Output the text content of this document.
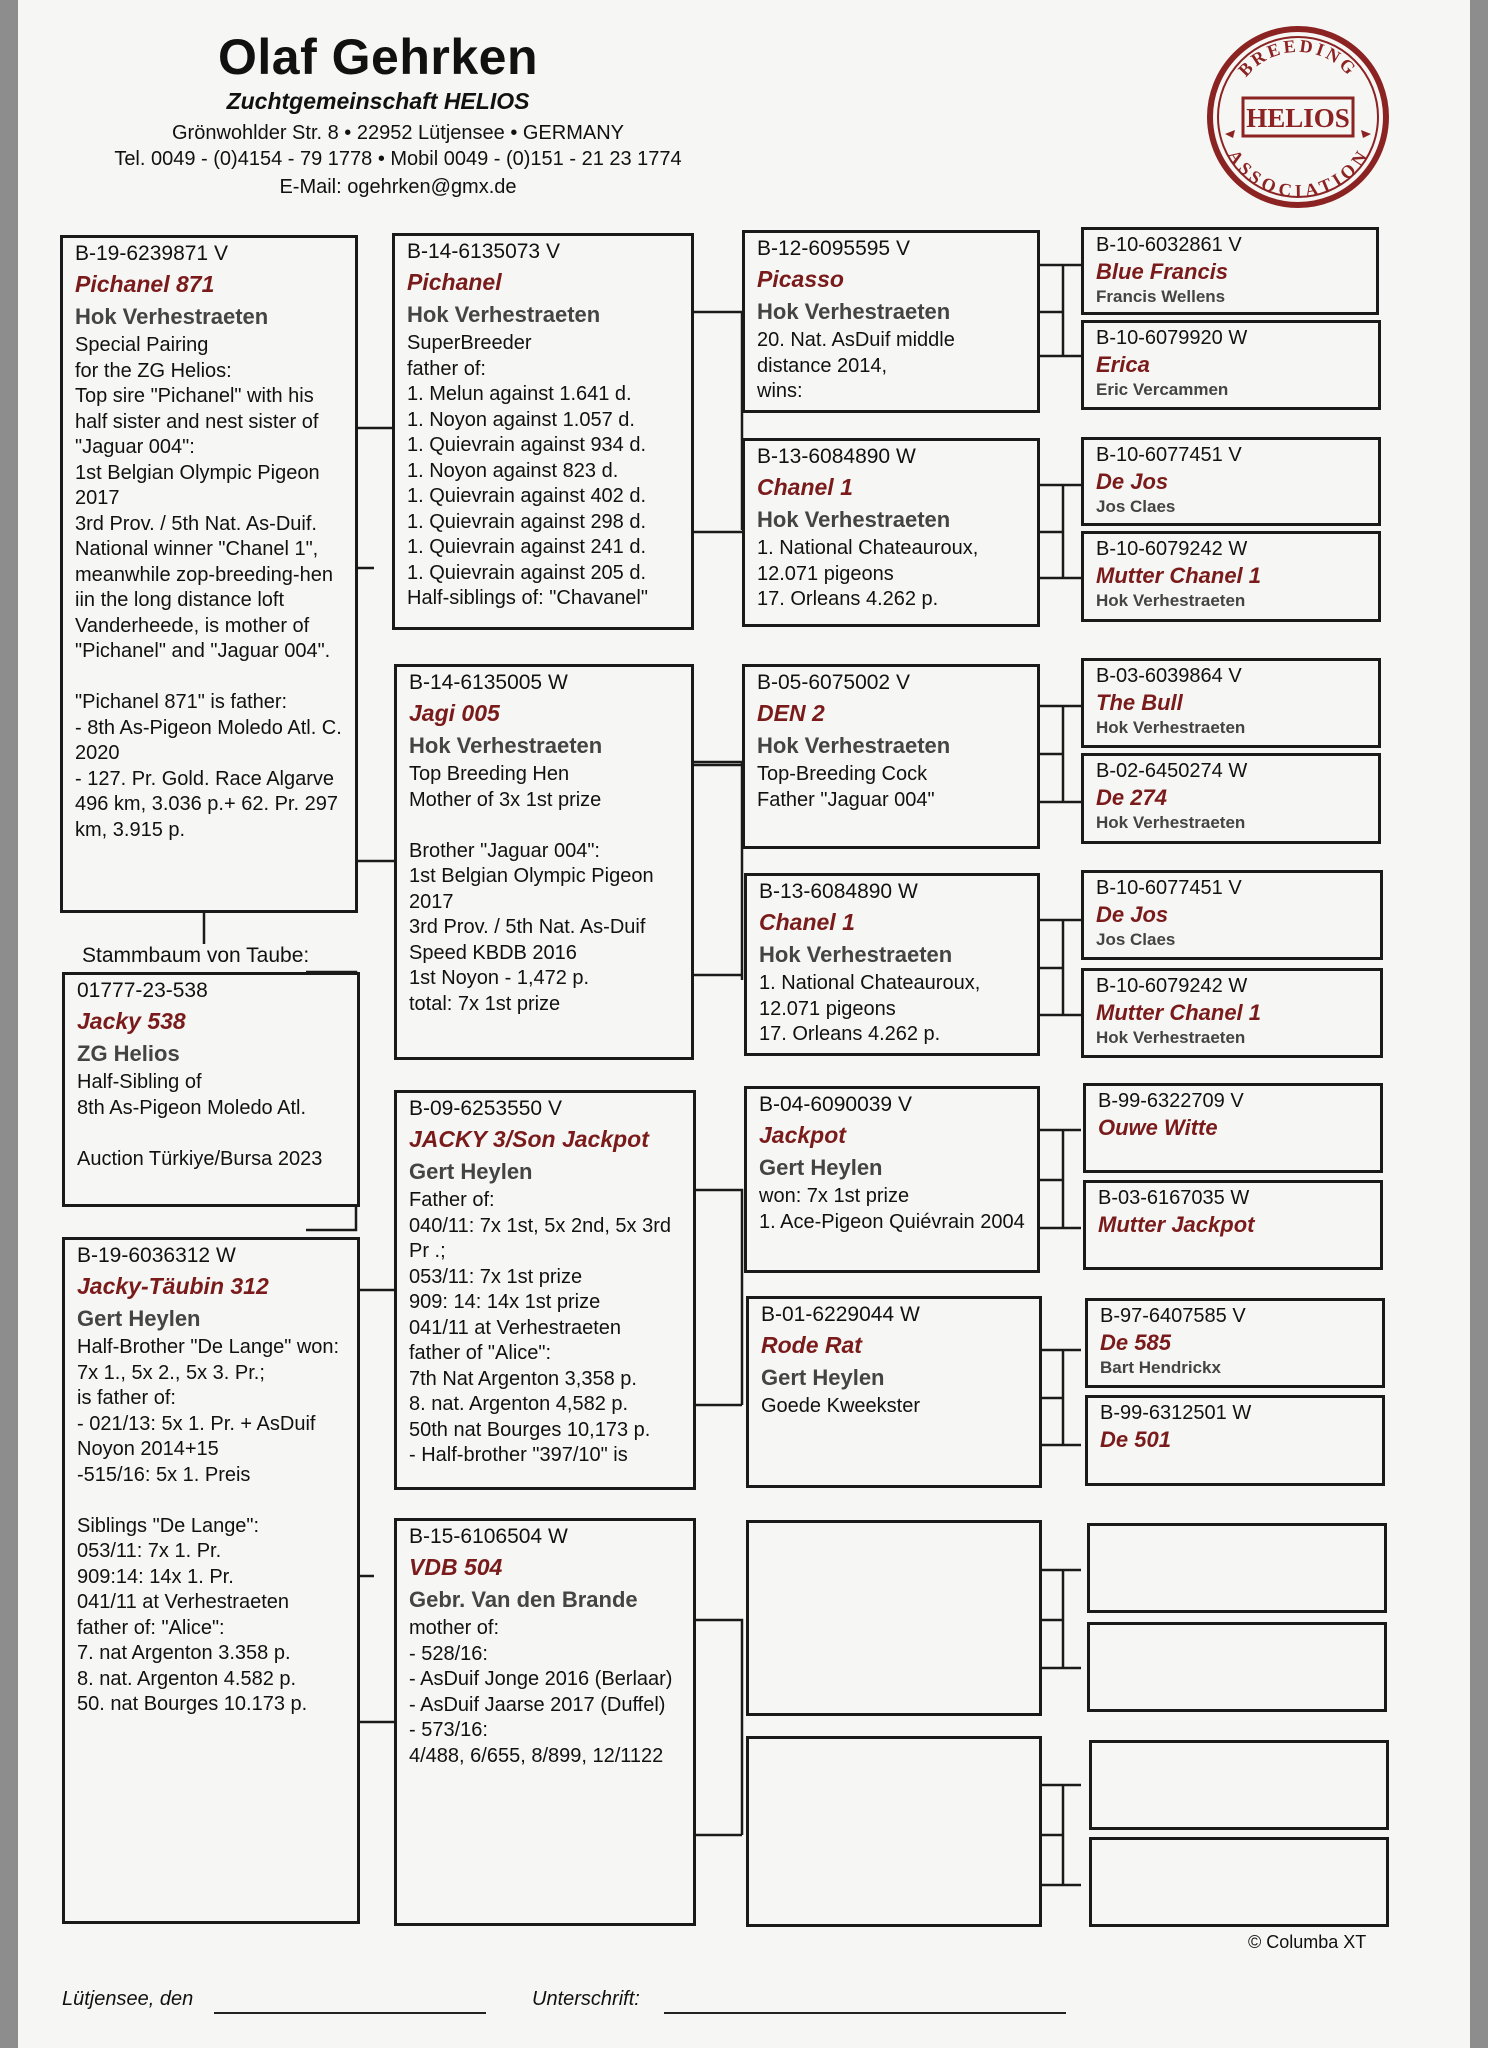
Olaf Gehrken
Zuchtgemeinschaft HELIOS
Grönwohlder Str. 8 • 22952 Lütjensee • GERMANY
Tel. 0049 - (0)4154 - 79 1778 • Mobil 0049 - (0)151 - 21 23 1774
E-Mail: ogehrken@gmx.de
HELIOS
BREEDING
ASSOCIATION
B-19-6239871 V
Pichanel 871
Hok Verhestraeten
Special Pairing
for the ZG Helios:
Top sire "Pichanel" with his half sister and nest sister of "Jaguar 004":
1st Belgian Olympic Pigeon 2017
3rd Prov. / 5th Nat. As-Duif. National winner "Chanel 1", meanwhile zop-breeding-hen iin the long distance loft Vanderheede, is mother of "Pichanel" and "Jaguar 004".

"Pichanel 871" is father:
- 8th As-Pigeon Moledo Atl. C. 2020
- 127. Pr. Gold. Race Algarve 496 km, 3.036 p.+ 62. Pr. 297 km, 3.915 p.
Stammbaum von Taube:
01777-23-538
Jacky 538
ZG Helios
Half-Sibling of
8th As-Pigeon Moledo Atl.

Auction Türkiye/Bursa 2023
B-19-6036312 W
Jacky-Täubin 312
Gert Heylen
Half-Brother "De Lange" won:
7x 1., 5x 2., 5x 3. Pr.;
is father of:
- 021/13: 5x 1. Pr. + AsDuif Noyon 2014+15
-515/16: 5x 1. Preis

Siblings "De Lange":
053/11: 7x 1. Pr.
909:14: 14x 1. Pr.
041/11 at Verhestraeten
father of: "Alice":
7. nat Argenton 3.358 p.
8. nat. Argenton 4.582 p.
50. nat Bourges 10.173 p.
B-14-6135073 V
Pichanel
Hok Verhestraeten
SuperBreeder
father of:
1. Melun against 1.641 d.
1. Noyon against 1.057 d.
1. Quievrain against 934 d.
1. Noyon against 823 d.
1. Quievrain against 402 d.
1. Quievrain against 298 d.
1. Quievrain against 241 d.
1. Quievrain against 205 d.
Half-siblings of: "Chavanel"
B-14-6135005 W
Jagi 005
Hok Verhestraeten
Top Breeding Hen
Mother of 3x 1st prize

Brother "Jaguar 004":
1st Belgian Olympic Pigeon 2017
3rd Prov. / 5th Nat. As-Duif
Speed KBDB 2016
1st Noyon - 1,472 p.
total: 7x 1st prize
B-09-6253550 V
JACKY 3/Son Jackpot
Gert Heylen
Father of:
040/11: 7x 1st, 5x 2nd, 5x 3rd Pr .;
053/11: 7x 1st prize
909: 14: 14x 1st prize
041/11 at Verhestraeten
father of "Alice":
7th Nat Argenton 3,358 p.
8. nat. Argenton 4,582 p.
50th nat Bourges 10,173 p.
- Half-brother "397/10" is
B-15-6106504 W
VDB 504
Gebr. Van den Brande
mother of:
- 528/16:
- AsDuif Jonge 2016 (Berlaar)
- AsDuif Jaarse 2017 (Duffel)
- 573/16:
4/488, 6/655, 8/899, 12/1122
B-12-6095595 V
Picasso
Hok Verhestraeten
20. Nat. AsDuif middle distance 2014,
wins:
B-13-6084890 W
Chanel 1
Hok Verhestraeten
1. National Chateauroux, 12.071 pigeons
17. Orleans 4.262 p.
B-05-6075002 V
DEN 2
Hok Verhestraeten
Top-Breeding Cock
Father "Jaguar 004"
B-13-6084890 W
Chanel 1
Hok Verhestraeten
1. National Chateauroux, 12.071 pigeons
17. Orleans 4.262 p.
B-04-6090039 V
Jackpot
Gert Heylen
won: 7x 1st prize
1. Ace-Pigeon Quiévrain 2004
B-01-6229044 W
Rode Rat
Gert Heylen
Goede Kweekster
B-10-6032861 V
Blue Francis
Francis Wellens
B-10-6079920 W
Erica
Eric Vercammen
B-10-6077451 V
De Jos
Jos Claes
B-10-6079242 W
Mutter Chanel 1
Hok Verhestraeten
B-03-6039864 V
The Bull
Hok Verhestraeten
B-02-6450274 W
De 274
Hok Verhestraeten
B-10-6077451 V
De Jos
Jos Claes
B-10-6079242 W
Mutter Chanel 1
Hok Verhestraeten
B-99-6322709 V
Ouwe Witte
B-03-6167035 W
Mutter Jackpot
B-97-6407585 V
De 585
Bart Hendrickx
B-99-6312501 W
De 501
© Columba XT
Lütjensee, den	Unterschrift:
